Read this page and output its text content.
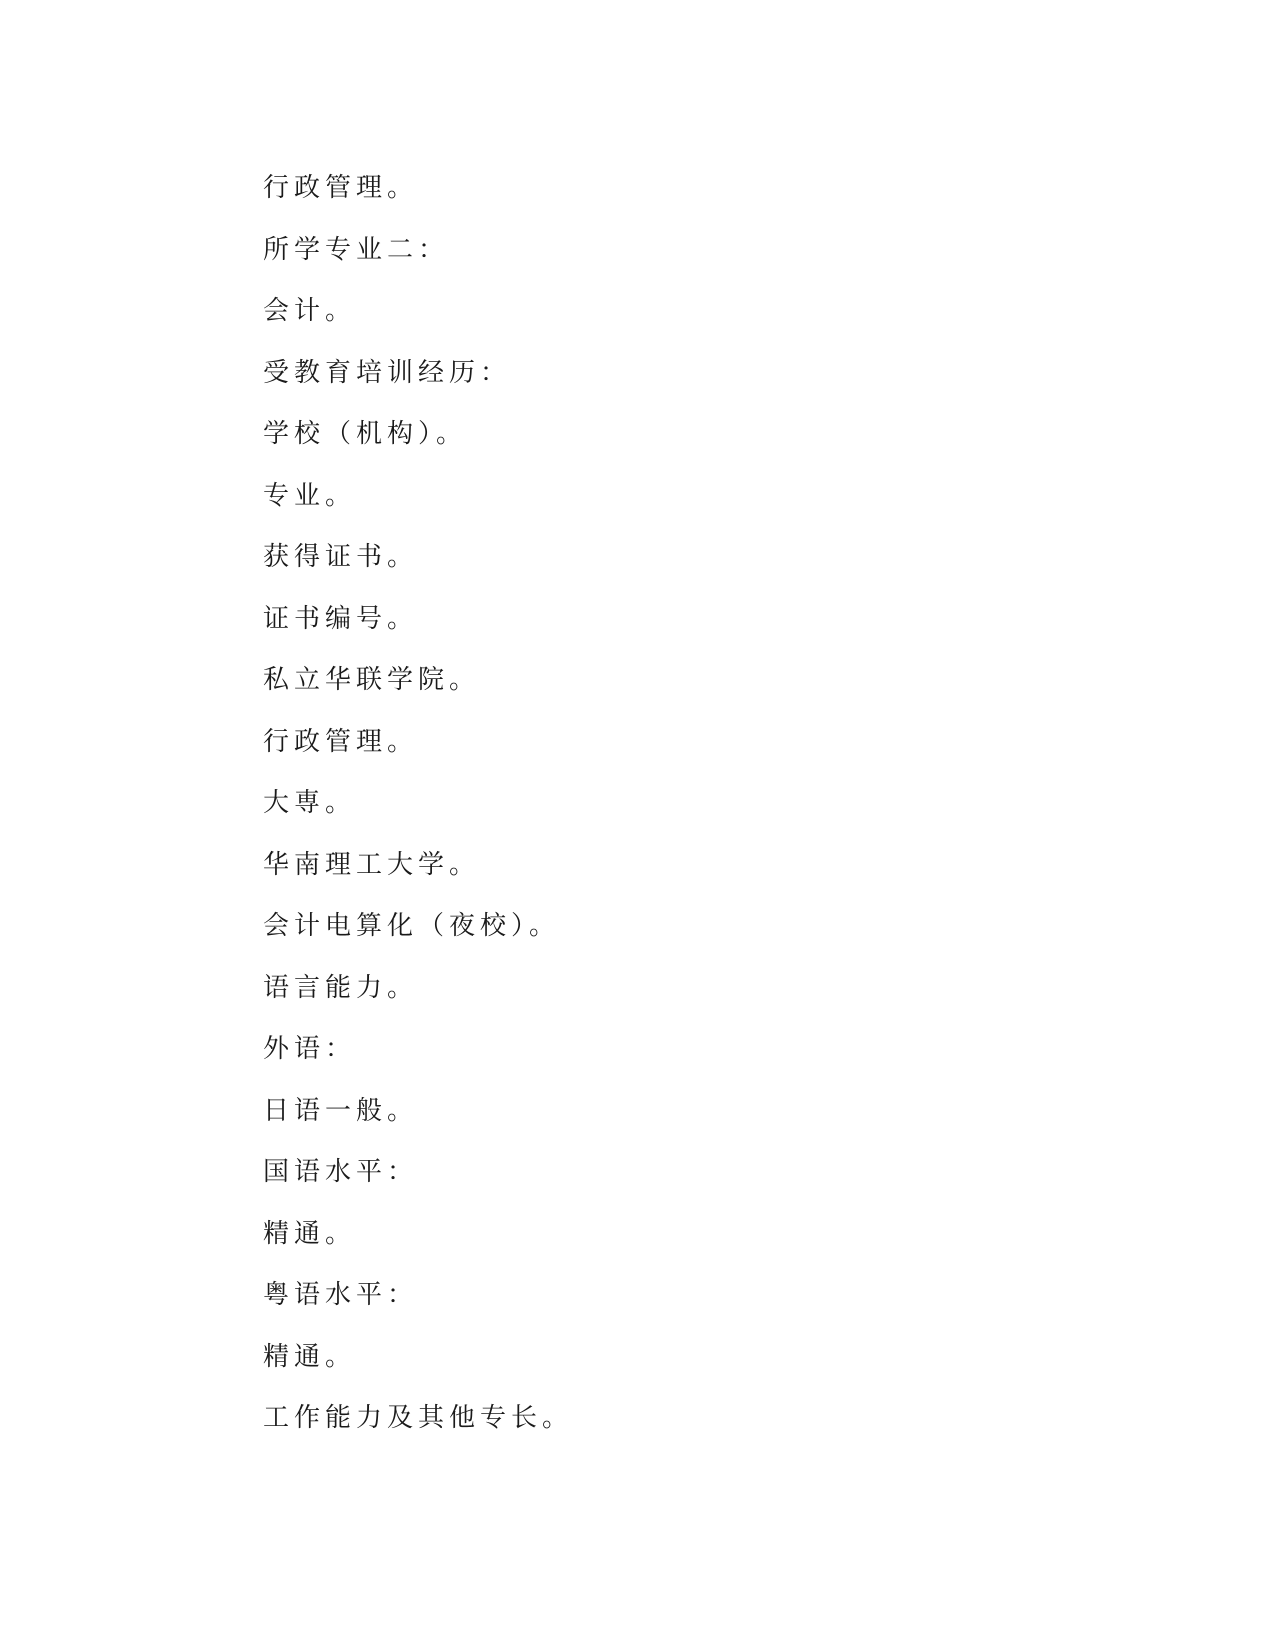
行政管理。
所学专业二：
会计。
受教育培训经历：
学校（机构）。
专业。
获得证书。
证书编号。
私立华联学院。
行政管理。
大専。
华南理工大学。
会计电算化（夜校）。
语言能力。
外语：
日语一般。
国语水平：
精通。
粤语水平：
精通。
工作能力及其他专长。
